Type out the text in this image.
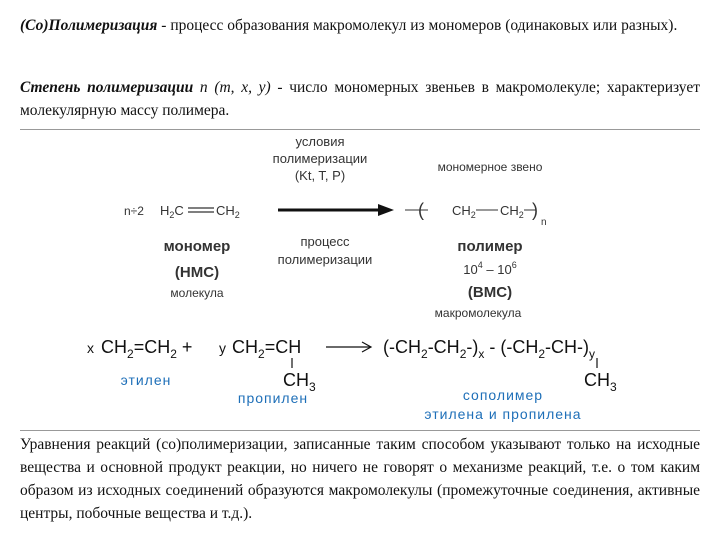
(Со)Полимеризация - процесс образования макромолекул из мономеров (одинаковых или разных).
Степень полимеризации n (m, x, y) - число мономерных звеньев в макромолекуле; характеризует молекулярную массу полимера.
n÷2 $H_2C$ $CH_2$
условия
полимеризации
(Kt, T, P)
процесс
полимеризации
мономерное звено
( $CH_2$ $CH_2$ )
n
мономер
(НМС)
молекула
полимер
$10^4 - 10^6$
(ВМС)
макромолекула
x $CH_2=CH_2 + y$ $CH_2=CH$
$CH_3$
$(-CH_2-CH_2-)_x - (-CH_2-CH-)_y$
$CH_3$
этилен
пропилен	сополимер
этилена и пропилена
Уравнения реакций (со)полимеризации, записанные таким способом указывают только на исходные вещества и основной продукт реакции, но ничего не говорят о механизме реакций, т.е. о том каким образом из исходных соединений образуются макромолекулы (промежуточные соединения, активные центры, побочные вещества и т.д.).
